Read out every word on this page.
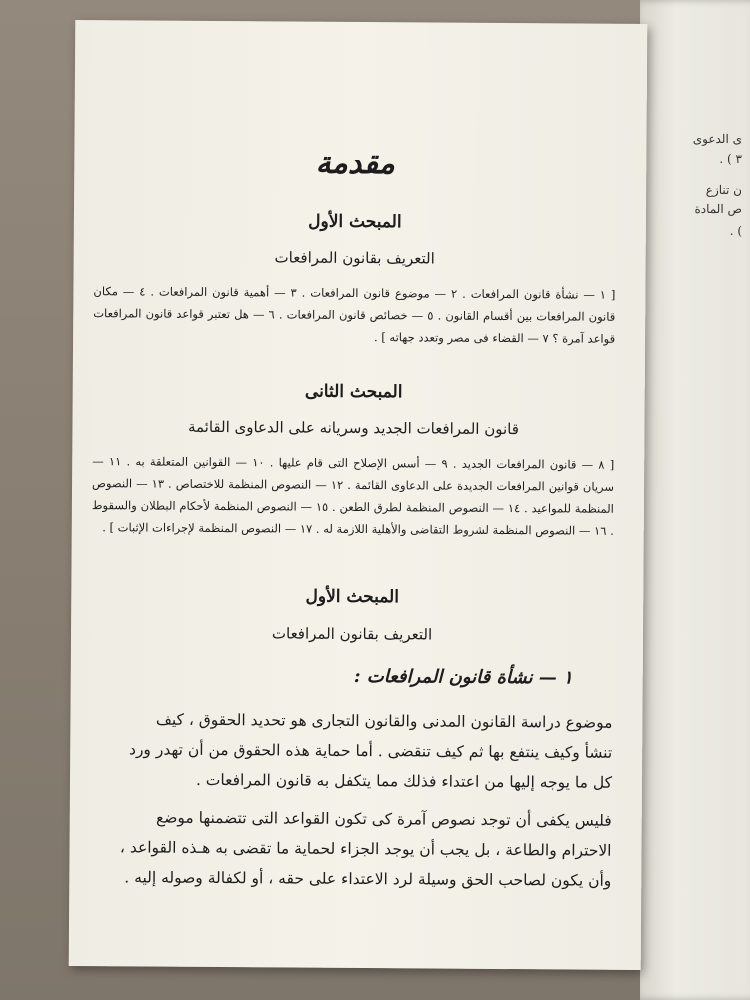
ى الدعوى
٣ ) .
ن تنازع
ص المادة
) .
مقدمة
المبحث الأول
التعريف بقانون المرافعات
[ ١ — نشأة قانون المرافعات . ٢ — موضوع قانون المرافعات . ٣ — أهمية قانون المرافعات . ٤ — مكان قانون المرافعات بين أقسام القانون . ٥ — خصائص قانون المرافعات . ٦ — هل تعتبر قواعد قانون المرافعات قواعد آمرة ؟ ٧ — القضاء فى مصر وتعدد جهاته ] .
المبحث الثانى
قانون المرافعات الجديد وسريانه على الدعاوى القائمة
[ ٨ — قانون المرافعات الجديد . ٩ — أسس الإصلاح التى قام عليها . ١٠ — القوانين المتعلقة به . ١١ — سريان قوانين المرافعات الجديدة على الدعاوى القائمة . ١٢ — النصوص المنظمة للاختصاص . ١٣ — النصوص المنظمة للمواعيد . ١٤ — النصوص المنظمة لطرق الطعن . ١٥ — النصوص المنظمة لأحكام البطلان والسقوط . ١٦ — النصوص المنظمة لشروط التقاضى والأهلية اللازمة له . ١٧ — النصوص المنظمة لإجراءات الإثبات ] .
المبحث الأول
التعريف بقانون المرافعات
١ — نشأة قانون المرافعات :
موضوع دراسة القانون المدنى والقانون التجارى هو تحديد الحقوق ، كيف
تنشأ وكيف ينتفع بها ثم كيف تنقضى . أما حماية هذه الحقوق من أن تهدر ورد
كل ما يوجه إليها من اعتداء فذلك مما يتكفل به قانون المرافعات .
فليس يكفى أن توجد نصوص آمرة كى تكون القواعد التى تتضمنها موضع
الاحترام والطاعة ، بل يجب أن يوجد الجزاء لحماية ما تقضى به هـذه القواعد ،
وأن يكون لصاحب الحق وسيلة لرد الاعتداء على حقه ، أو لكفالة وصوله إليه .
